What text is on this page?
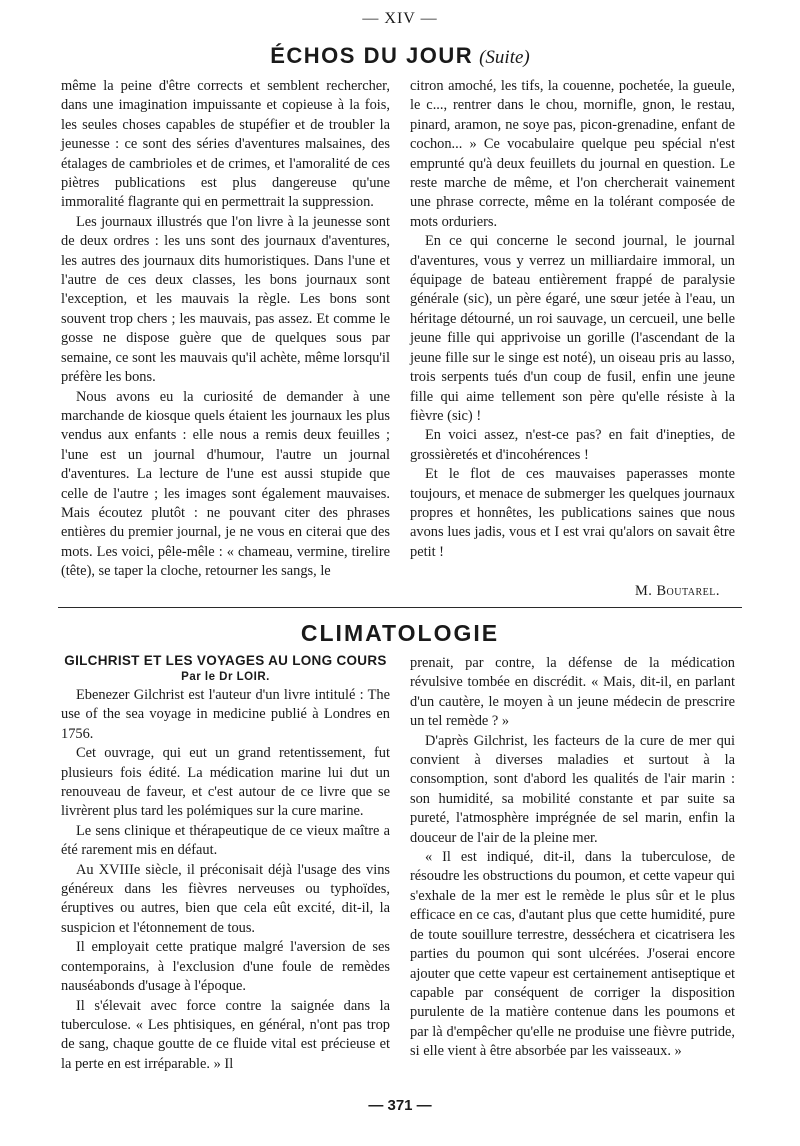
— XIV —
ÉCHOS DU JOUR (Suite)

même la peine d'être corrects et semblent rechercher, dans une imagination impuissante et copieuse à la fois, les seules choses capables de stupéfier et de troubler la jeunesse : ce sont des séries d'aventures malsaines, des étalages de cambrioles et de crimes, et l'amoralité de ces piètres publications est plus dangereuse qu'une immoralité flagrante qui en permettrait la suppression.

Les journaux illustrés que l'on livre à la jeunesse sont de deux ordres : les uns sont des journaux d'aventures, les autres des journaux dits humoristiques. Dans l'une et l'autre de ces deux classes, les bons journaux sont l'exception, et les mauvais la règle. Les bons sont souvent trop chers ; les mauvais, pas assez. Et comme le gosse ne dispose guère que de quelques sous par semaine, ce sont les mauvais qu'il achète, même lorsqu'il préfère les bons.

Nous avons eu la curiosité de demander à une marchande de kiosque quels étaient les journaux les plus vendus aux enfants : elle nous a remis deux feuilles ; l'une est un journal d'humour, l'autre un journal d'aventures. La lecture de l'une est aussi stupide que celle de l'autre ; les images sont également mauvaises. Mais écoutez plutôt : ne pouvant citer des phrases entières du premier journal, je ne vous en citerai que des mots. Les voici, pêle-mêle : « chameau, vermine, tirelire (tête), se taper la cloche, retourner les sangs, le

citron amoché, les tifs, la couenne, pochetée, la gueule, le c..., rentrer dans le chou, mornifle, gnon, le restau, pinard, aramon, ne soye pas, picon-grenadine, enfant de cochon... » Ce vocabulaire quelque peu spécial n'est emprunté qu'à deux feuillets du journal en question. Le reste marche de même, et l'on chercherait vainement une phrase correcte, même en la tolérant composée de mots orduriers.

En ce qui concerne le second journal, le journal d'aventures, vous y verrez un milliardaire immoral, un équipage de bateau entièrement frappé de paralysie générale (sic), un père égaré, une sœur jetée à l'eau, un héritage détourné, un roi sauvage, un cercueil, une belle jeune fille qui apprivoise un gorille (l'ascendant de la jeune fille sur le singe est noté), un oiseau pris au lasso, trois serpents tués d'un coup de fusil, enfin une jeune fille qui aime tellement son père qu'elle résiste à la fièvre (sic) !

En voici assez, n'est-ce pas? en fait d'inepties, de grossièretés et d'incohérences !

Et le flot de ces mauvaises paperasses monte toujours, et menace de submerger les quelques journaux propres et honnêtes, les publications saines que nous avons lues jadis, vous et I est vrai qu'alors on savait être petit !

M. Boutarel.
CLIMATOLOGIE
GILCHRIST ET LES VOYAGES AU LONG COURS
Par le Dr LOIR.

Ebenezer Gilchrist est l'auteur d'un livre intitulé : The use of the sea voyage in medicine publié à Londres en 1756.

Cet ouvrage, qui eut un grand retentissement, fut plusieurs fois édité. La médication marine lui dut un renouveau de faveur, et c'est autour de ce livre que se livrèrent plus tard les polémiques sur la cure marine.

Le sens clinique et thérapeutique de ce vieux maître a été rarement mis en défaut.

Au XVIIIe siècle, il préconisait déjà l'usage des vins généreux dans les fièvres nerveuses ou typhoïdes, éruptives ou autres, bien que cela eût excité, dit-il, la suspicion et l'étonnement de tous.

Il employait cette pratique malgré l'aversion de ses contemporains, à l'exclusion d'une foule de remèdes nauséabonds d'usage à l'époque.

Il s'élevait avec force contre la saignée dans la tuberculose. « Les phtisiques, en général, n'ont pas trop de sang, chaque goutte de ce fluide vital est précieuse et la perte en est irréparable. » Il

prenait, par contre, la défense de la médication révulsive tombée en discrédit. « Mais, dit-il, en parlant d'un cautère, le moyen à un jeune médecin de prescrire un tel remède ? »

D'après Gilchrist, les facteurs de la cure de mer qui convient à diverses maladies et surtout à la consomption, sont d'abord les qualités de l'air marin : son humidité, sa mobilité constante et par suite sa pureté, l'atmosphère imprégnée de sel marin, enfin la douceur de l'air de la pleine mer.

« Il est indiqué, dit-il, dans la tuberculose, de résoudre les obstructions du poumon, et cette vapeur qui s'exhale de la mer est le remède le plus sûr et le plus efficace en ce cas, d'autant plus que cette humidité, pure de toute souillure terrestre, desséchera et cicatrisera les parties du poumon qui sont ulcérées. J'oserai encore ajouter que cette vapeur est certainement antiseptique et capable par conséquent de corriger la disposition purulente de la matière contenue dans les poumons et par là d'empêcher qu'elle ne produise une fièvre putride, si elle vient à être absorbée par les vaisseaux. »

— 371 —
